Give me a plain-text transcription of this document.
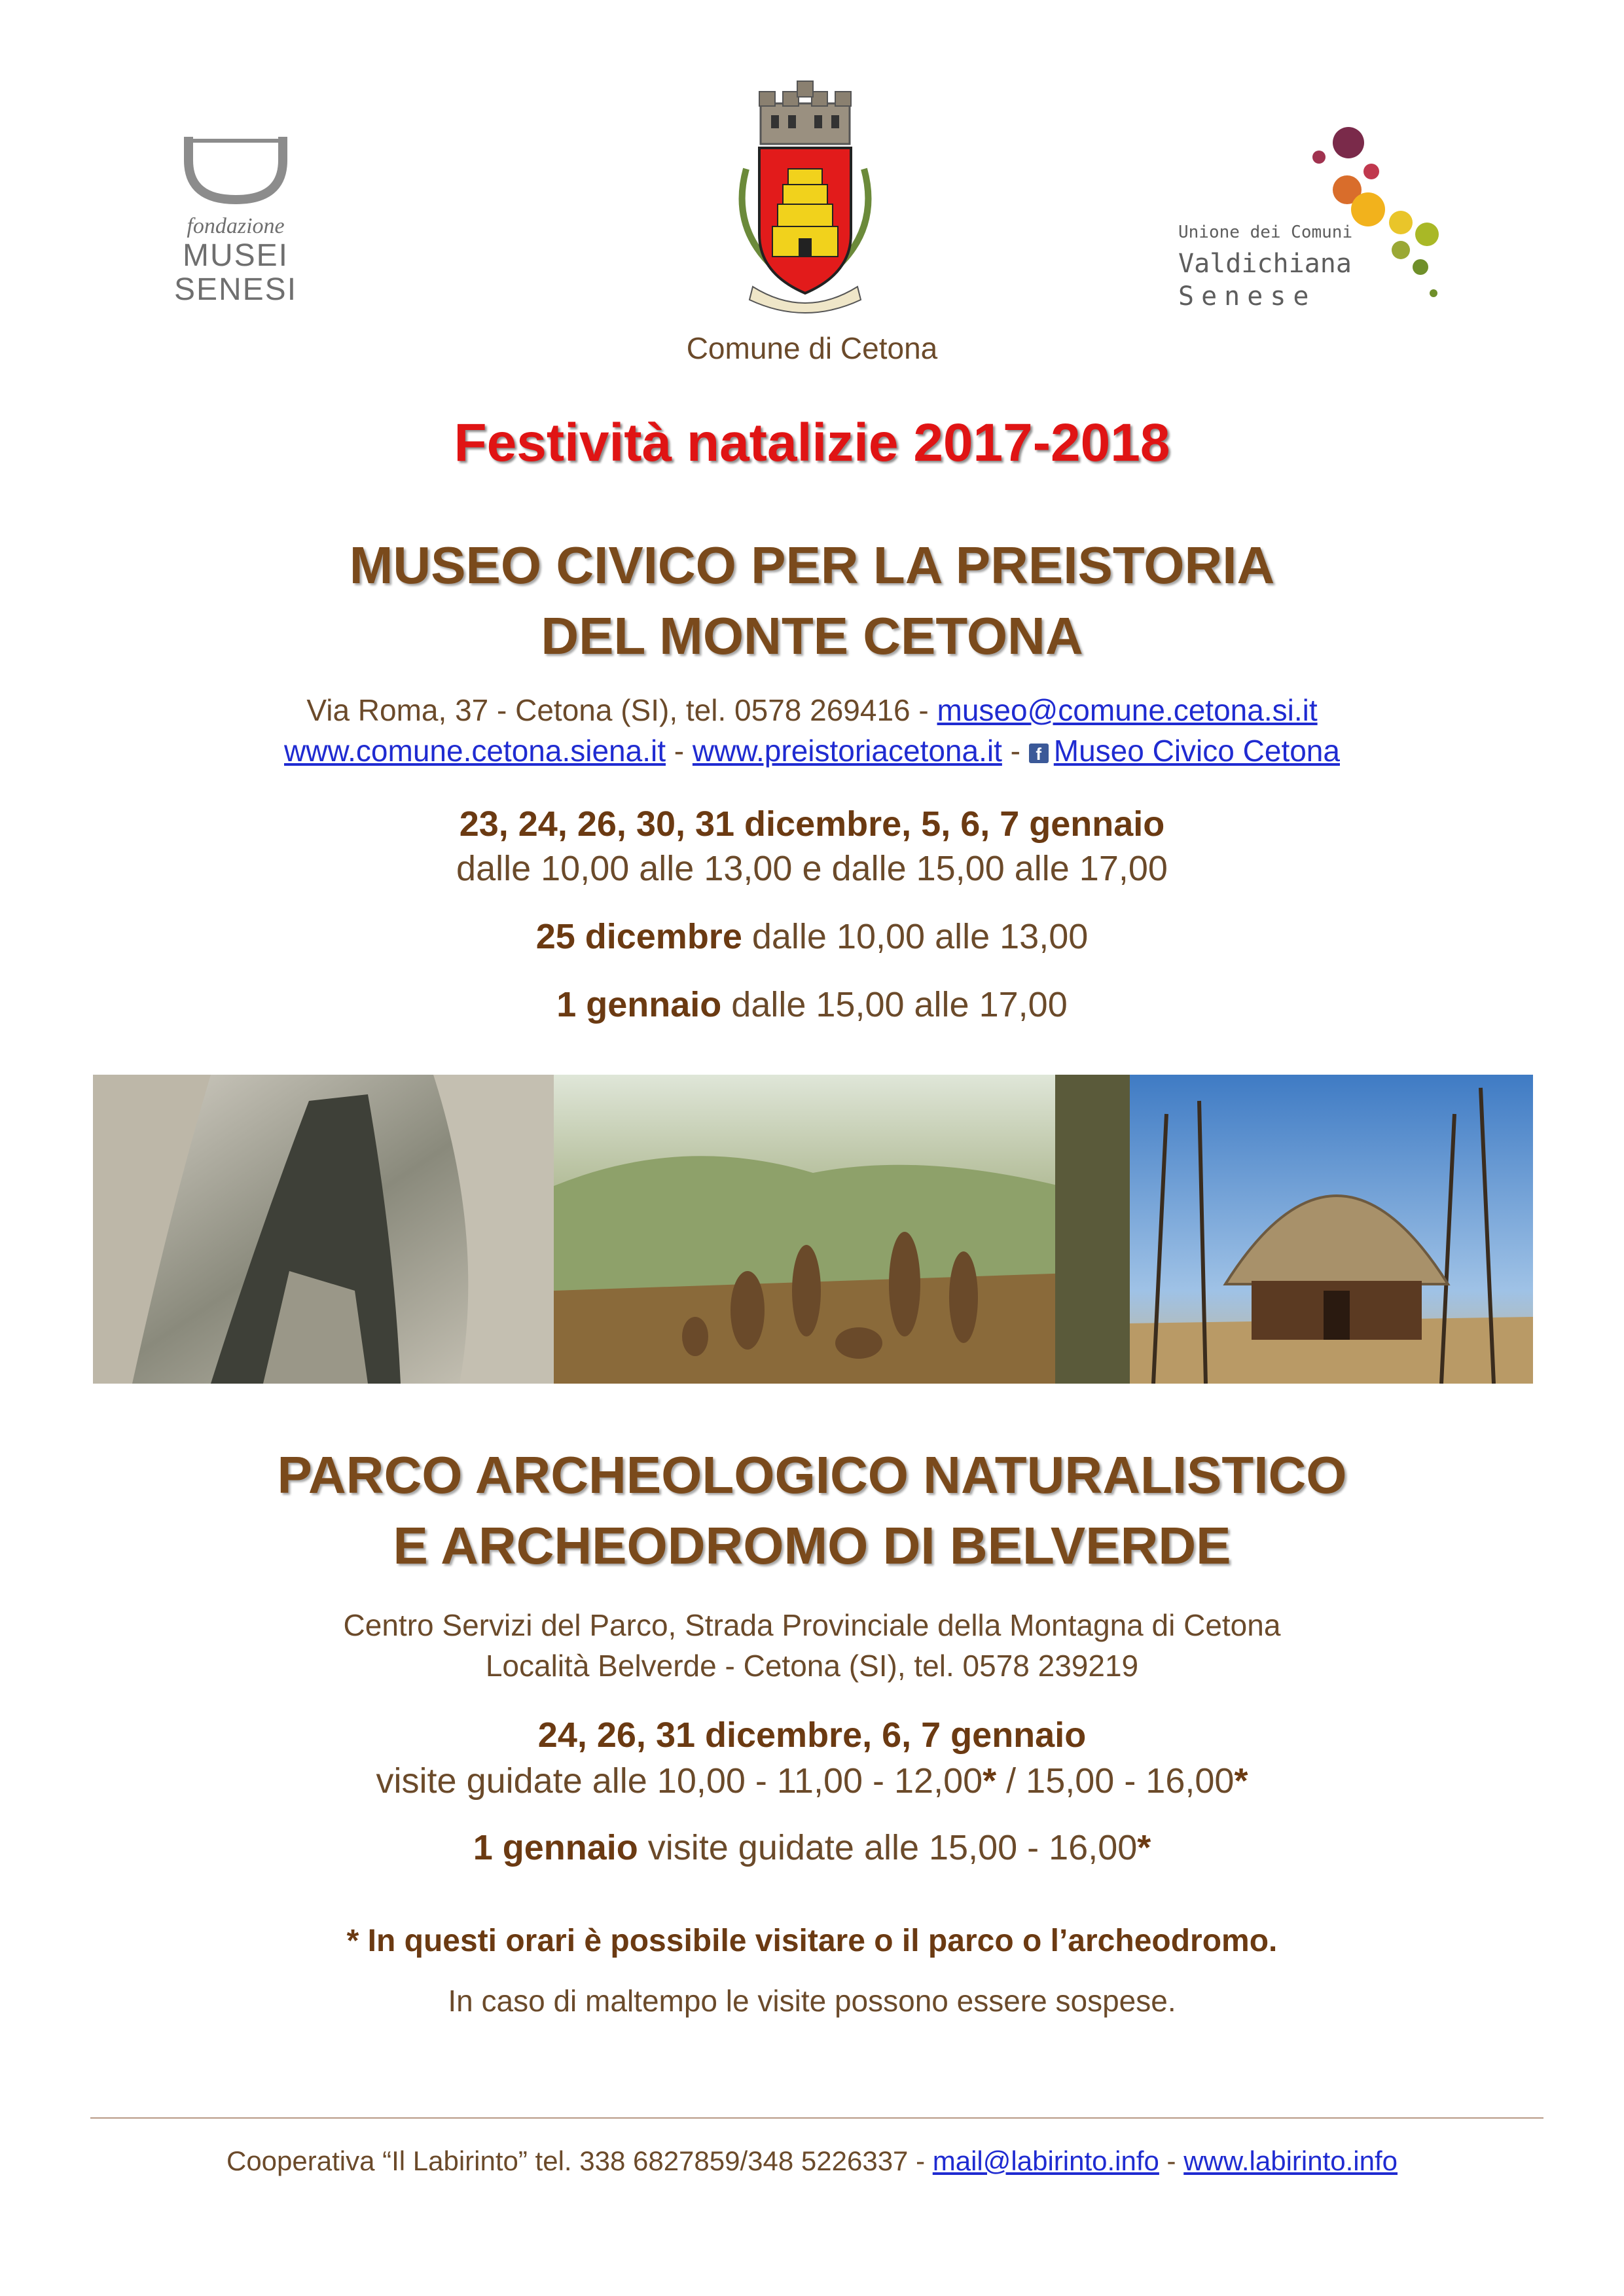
fondazione
MUSEI
SENESI
Comune di Cetona
Unione dei Comuni
Valdichiana
Senese
Festività natalizie 2017-2018
MUSEO CIVICO PER LA PREISTORIA
DEL MONTE CETONA
Via Roma, 37 - Cetona (SI), tel. 0578 269416 - museo@comune.cetona.si.it
www.comune.cetona.siena.it - www.preistoriacetona.it - f Museo Civico Cetona
23, 24, 26, 30, 31 dicembre, 5, 6, 7 gennaio
dalle 10,00 alle 13,00 e dalle 15,00 alle 17,00
25 dicembre dalle 10,00 alle 13,00
1 gennaio dalle 15,00 alle 17,00
PARCO ARCHEOLOGICO NATURALISTICO
E ARCHEODROMO DI BELVERDE
Centro Servizi del Parco, Strada Provinciale della Montagna di Cetona
Località Belverde - Cetona (SI), tel. 0578 239219
24, 26, 31 dicembre, 6, 7 gennaio
visite guidate alle 10,00 - 11,00 - 12,00* / 15,00 - 16,00*
1 gennaio visite guidate alle 15,00 - 16,00*
* In questi orari è possibile visitare o il parco o l’archeodromo.
In caso di maltempo le visite possono essere sospese.
Cooperativa “Il Labirinto” tel. 338 6827859/348 5226337 - mail@labirinto.info - www.labirinto.info
